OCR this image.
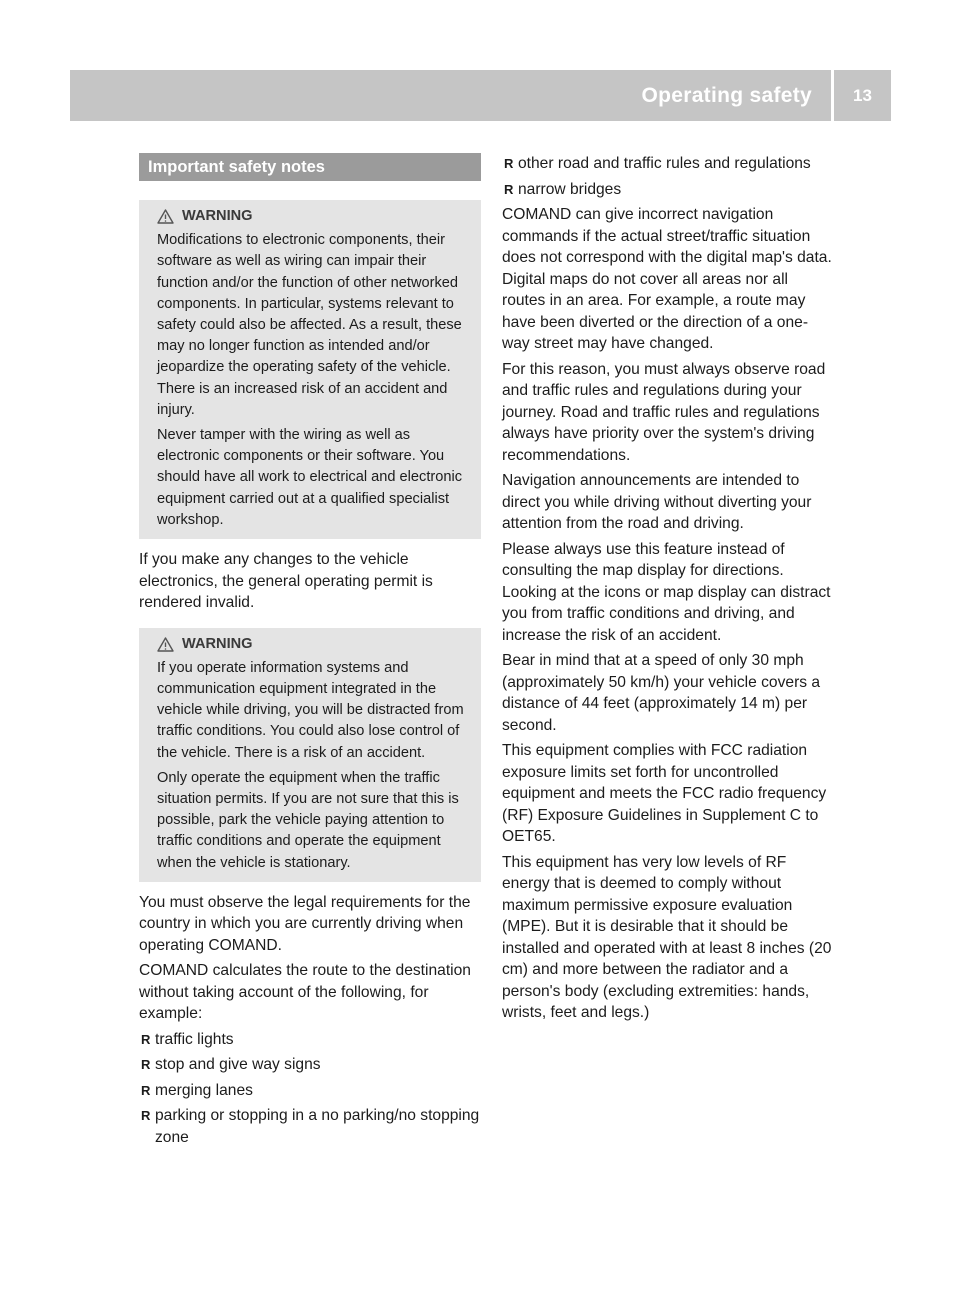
Operating safety	13
Important safety notes
WARNING

Modifications to electronic components, their software as well as wiring can impair their function and/or the function of other networked components. In particular, systems relevant to safety could also be affected. As a result, these may no longer function as intended and/or jeopardize the operating safety of the vehicle. There is an increased risk of an accident and injury.

Never tamper with the wiring as well as electronic components or their software. You should have all work to electrical and electronic equipment carried out at a qualified specialist workshop.

If you make any changes to the vehicle electronics, the general operating permit is rendered invalid.

WARNING

If you operate information systems and communication equipment integrated in the vehicle while driving, you will be distracted from traffic conditions. You could also lose control of the vehicle. There is a risk of an accident.

Only operate the equipment when the traffic situation permits. If you are not sure that this is possible, park the vehicle paying attention to traffic conditions and operate the equipment when the vehicle is stationary.

You must observe the legal requirements for the country in which you are currently driving when operating COMAND.

COMAND calculates the route to the destination without taking account of the following, for example:

R traffic lights
R stop and give way signs
R merging lanes
R parking or stopping in a no parking/no stopping zone
R other road and traffic rules and regulations
R narrow bridges

COMAND can give incorrect navigation commands if the actual street/traffic situation does not correspond with the digital map's data. Digital maps do not cover all areas nor all routes in an area. For example, a route may have been diverted or the direction of a one-way street may have changed.

For this reason, you must always observe road and traffic rules and regulations during your journey. Road and traffic rules and regulations always have priority over the system's driving recommendations.

Navigation announcements are intended to direct you while driving without diverting your attention from the road and driving.

Please always use this feature instead of consulting the map display for directions. Looking at the icons or map display can distract you from traffic conditions and driving, and increase the risk of an accident.

Bear in mind that at a speed of only 30 mph (approximately 50 km/h) your vehicle covers a distance of 44 feet (approximately 14 m) per second.

This equipment complies with FCC radiation exposure limits set forth for uncontrolled equipment and meets the FCC radio frequency (RF) Exposure Guidelines in Supplement C to OET65.

This equipment has very low levels of RF energy that is deemed to comply without maximum permissive exposure evaluation (MPE). But it is desirable that it should be installed and operated with at least 8 inches (20 cm) and more between the radiator and a person's body (excluding extremities: hands, wrists, feet and legs.)
